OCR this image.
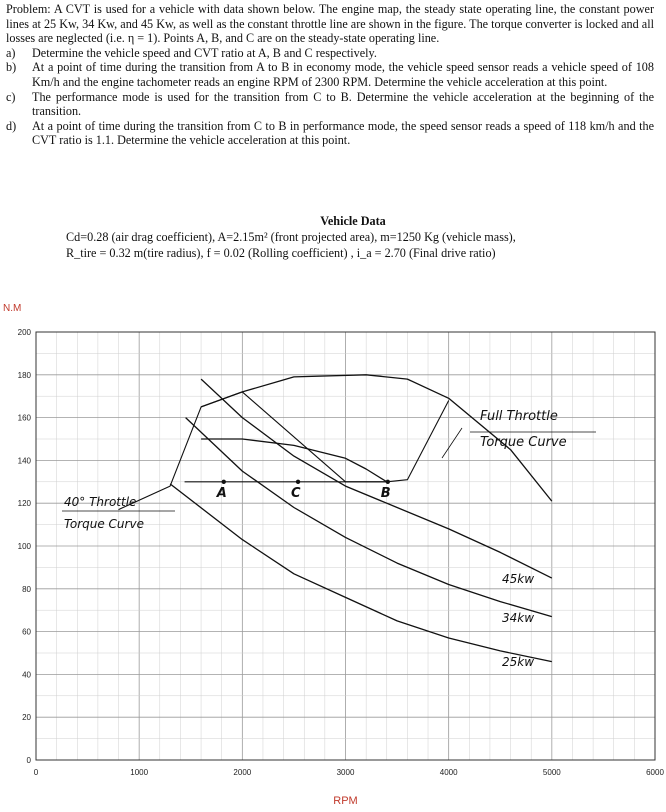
Problem: A CVT is used for a vehicle with data shown below. The engine map, the steady state operating line, the constant power lines at 25 Kw, 34 Kw, and 45 Kw, as well as the constant throttle line are shown in the figure. The torque converter is locked and all losses are neglected (i.e. η = 1). Points A, B, and C are on the steady-state operating line.

a) Determine the vehicle speed and CVT ratio at A, B and C respectively.
b) At a point of time during the transition from A to B in economy mode, the vehicle speed sensor reads a vehicle speed of 108 Km/h and the engine tachometer reads an engine RPM of 2300 RPM. Determine the vehicle acceleration at this point.
c) The performance mode is used for the transition from C to B. Determine the vehicle acceleration at the beginning of the transition.
d) At a point of time during the transition from C to B in performance mode, the speed sensor reads a speed of 118 km/h and the CVT ratio is 1.1. Determine the vehicle acceleration at this point.
Vehicle Data
Cd=0.28 (air drag coefficient), A=2.15m² (front projected area), m=1250 Kg (vehicle mass),
R_tire = 0.32 m(tire radius), f = 0.02 (Rolling coefficient) , i_a = 2.70 (Final drive ratio)
0	1000	2000	3000	4000	5000	6000
0
20
40
60
80
100
120
140
160
180
200
RPM
N.M
A	C	B
40° Throttle
Torque Curve
Full Throttle
Torque Curve
45kw
34kw
25kw
